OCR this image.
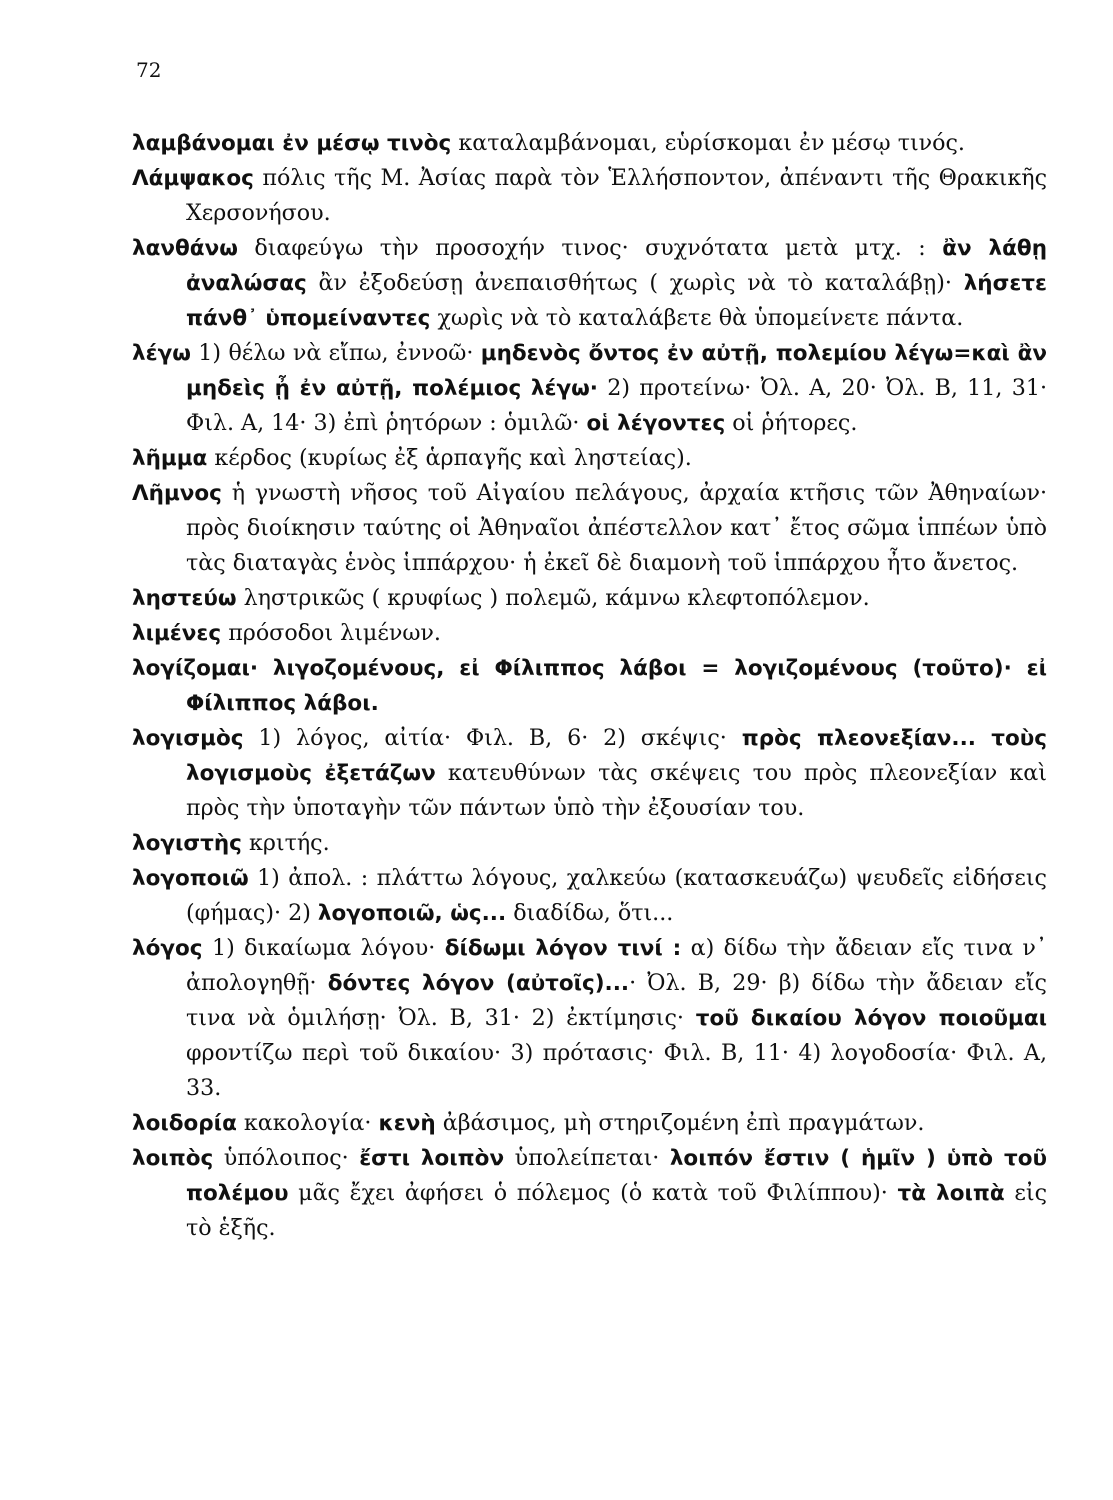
72
λαμβάνομαι ἐν μέσῳ τινὸς καταλαμβάνομαι, εὑρίσκομαι ἐν μέσῳ τινός.
Λάμψακος πόλις τῆς Μ. Ἀσίας παρὰ τὸν Ἑλλήσποντον, ἀπέναντι τῆς Θρακικῆς Χερσονήσου.
λανθάνω διαφεύγω τὴν προσοχήν τινος· συχνότατα μετὰ μτχ. : ἂν λάθῃ ἀναλώσας ἂν ἐξοδεύσῃ ἀνεπαισθήτως ( χωρὶς νὰ τὸ καταλάβῃ)· λήσετε πάνθ᾽ ὑπομείναντες χωρὶς νὰ τὸ καταλάβετε θὰ ὑπομείνετε πάντα.
λέγω 1) θέλω νὰ εἴπω, ἐννοῶ· μηδενὸς ὄντος ἐν αὐτῇ, πολεμίου λέγω=καὶ ἂν μηδεὶς ᾖ ἐν αὐτῇ, πολέμιος λέγω· 2) προτείνω· Ὀλ. Α, 20· Ὀλ. Β, 11, 31· Φιλ. Α, 14· 3) ἐπὶ ῥητόρων : ὁμιλῶ· οἱ λέγοντες οἱ ῥήτορες.
λῆμμα κέρδος (κυρίως ἐξ ἁρπαγῆς καὶ ληστείας).
Λῆμνος ἡ γνωστὴ νῆσος τοῦ Αἰγαίου πελάγους, ἀρχαία κτῆσις τῶν Ἀθηναίων· πρὸς διοίκησιν ταύτης οἱ Ἀθηναῖοι ἀπέστελλον κατ᾽ ἔτος σῶμα ἱππέων ὑπὸ τὰς διαταγὰς ἑνὸς ἱππάρχου· ἡ ἐκεῖ δὲ διαμονὴ τοῦ ἱππάρχου ἦτο ἄνετος.
ληστεύω ληστρικῶς ( κρυφίως ) πολεμῶ, κάμνω κλεφτοπόλεμον.
λιμένες πρόσοδοι λιμένων.
λογίζομαι· λιγοζομένους, εἰ Φίλιππος λάβοι = λογιζομένους (τοῦτο)· εἰ Φίλιππος λάβοι.
λογισμὸς 1) λόγος, αἰτία· Φιλ. Β, 6· 2) σκέψις· πρὸς πλεονεξίαν... τοὺς λογισμοὺς ἐξετάζων κατευθύνων τὰς σκέψεις του πρὸς πλεονεξίαν καὶ πρὸς τὴν ὑποταγὴν τῶν πάντων ὑπὸ τὴν ἐξουσίαν του.
λογιστὴς κριτής.
λογοποιῶ 1) ἀπολ. : πλάττω λόγους, χαλκεύω (κατασκευάζω) ψευδεῖς εἰδήσεις (φήμας)· 2) λογοποιῶ, ὡς... διαδίδω, ὅτι...
λόγος 1) δικαίωμα λόγου· δίδωμι λόγον τινί : α) δίδω τὴν ἄδειαν εἴς τινα ν᾽ ἀπολογηθῇ· δόντες λόγον (αὐτοῖς)...· Ὀλ. Β, 29· β) δίδω τὴν ἄδειαν εἴς τινα νὰ ὁμιλήσῃ· Ὀλ. Β, 31· 2) ἐκτίμησις· τοῦ δικαίου λόγον ποιοῦμαι φροντίζω περὶ τοῦ δικαίου· 3) πρότασις· Φιλ. Β, 11· 4) λογοδοσία· Φιλ. Α, 33.
λοιδορία κακολογία· κενὴ ἀβάσιμος, μὴ στηριζομένη ἐπὶ πραγμάτων.
λοιπὸς ὑπόλοιπος· ἔστι λοιπὸν ὑπολείπεται· λοιπόν ἔστιν ( ἡμῖν ) ὑπὸ τοῦ πολέμου μᾶς ἔχει ἀφήσει ὁ πόλεμος (ὁ κατὰ τοῦ Φιλίππου)· τὰ λοιπὰ εἰς τὸ ἑξῆς.
